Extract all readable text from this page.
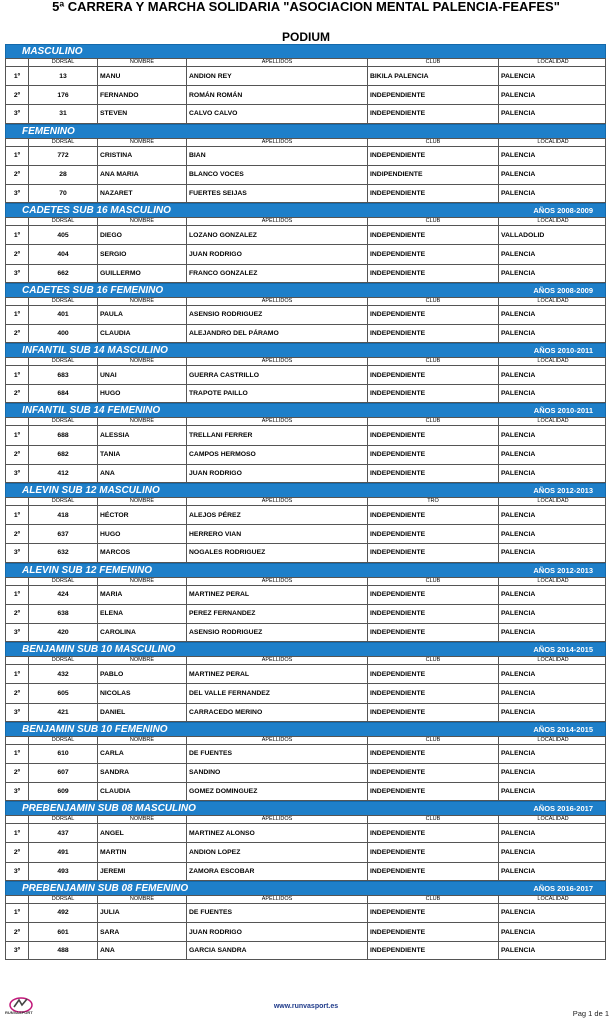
5ª CARRERA Y MARCHA SOLIDARIA "ASOCIACION MENTAL PALENCIA-FEAFES"
PODIUM
MASCULINO
DORSAL	NOMBRE	APELLIDOS	CLUB	LOCALIDAD
1º	13	MANU	ANDION REY	BIKILA PALENCIA	PALENCIA
2º	176	FERNANDO	ROMÁN ROMÁN	INDEPENDIENTE	PALENCIA
3º	31	STEVEN	CALVO CALVO	INDEPENDIENTE	PALENCIA
FEMENINO
DORSAL	NOMBRE	APELLIDOS	CLUB	LOCALIDAD
1º	772	CRISTINA	BIAN	INDEPENDIENTE	PALENCIA
2º	28	ANA MARIA	BLANCO VOCES	INDIPENDIENTE	PALENCIA
3º	70	NAZARET	FUERTES SEIJAS	INDEPENDIENTE	PALENCIA
CADETES SUB 16 MASCULINO	AÑOS 2008-2009
DORSAL	NOMBRE	APELLIDOS	CLUB	LOCALIDAD
1º	405	DIEGO	LOZANO GONZALEZ	INDEPENDIENTE	VALLADOLID
2º	404	SERGIO	JUAN RODRIGO	INDEPENDIENTE	PALENCIA
3º	662	GUILLERMO	FRANCO GONZALEZ	INDEPENDIENTE	PALENCIA
CADETES SUB 16 FEMENINO	AÑOS 2008-2009
DORSAL	NOMBRE	APELLIDOS	CLUB	LOCALIDAD
1º	401	PAULA	ASENSIO RODRIGUEZ	INDEPENDIENTE	PALENCIA
2º	400	CLAUDIA	ALEJANDRO DEL PÁRAMO	INDEPENDIENTE	PALENCIA
INFANTIL SUB 14 MASCULINO	AÑOS 2010-2011
DORSAL	NOMBRE	APELLIDOS	CLUB	LOCALIDAD
1º	683	UNAI	GUERRA CASTRILLO	INDEPENDIENTE	PALENCIA
2º	684	HUGO	TRAPOTE PAILLO	INDEPENDIENTE	PALENCIA
INFANTIL SUB 14 FEMENINO	AÑOS 2010-2011
DORSAL	NOMBRE	APELLIDOS	CLUB	LOCALIDAD
1º	688	ALESSIA	TRELLANI FERRER	INDEPENDIENTE	PALENCIA
2º	682	TANIA	CAMPOS HERMOSO	INDEPENDIENTE	PALENCIA
3º	412	ANA	JUAN RODRIGO	INDEPENDIENTE	PALENCIA
ALEVIN SUB 12 MASCULINO	AÑOS 2012-2013
DORSAL	NOMBRE	APELLIDOS	TRO	LOCALIDAD
1º	418	HÉCTOR	ALEJOS PÉREZ	INDEPENDIENTE	PALENCIA
2º	637	HUGO	HERRERO VIAN	INDEPENDIENTE	PALENCIA
3º	632	MARCOS	NOGALES RODRIGUEZ	INDEPENDIENTE	PALENCIA
ALEVIN SUB 12 FEMENINO	AÑOS 2012-2013
DORSAL	NOMBRE	APELLIDOS	CLUB	LOCALIDAD
1º	424	MARIA	MARTINEZ PERAL	INDEPENDIENTE	PALENCIA
2º	638	ELENA	PEREZ FERNANDEZ	INDEPENDIENTE	PALENCIA
3º	420	CAROLINA	ASENSIO RODRIGUEZ	INDEPENDIENTE	PALENCIA
BENJAMIN SUB 10 MASCULINO	AÑOS 2014-2015
DORSAL	NOMBRE	APELLIDOS	CLUB	LOCALIDAD
1º	432	PABLO	MARTINEZ PERAL	INDEPENDIENTE	PALENCIA
2º	605	NICOLAS	DEL VALLE FERNANDEZ	INDEPENDIENTE	PALENCIA
3º	421	DANIEL	CARRACEDO MERINO	INDEPENDIENTE	PALENCIA
BENJAMIN SUB 10 FEMENINO	AÑOS 2014-2015
DORSAL	NOMBRE	APELLIDOS	CLUB	LOCALIDAD
1º	610	CARLA	DE FUENTES	INDEPENDIENTE	PALENCIA
2º	607	SANDRA	SANDINO	INDEPENDIENTE	PALENCIA
3º	609	CLAUDIA	GOMEZ DOMINGUEZ	INDEPENDIENTE	PALENCIA
PREBENJAMIN SUB 08 MASCULINO	AÑOS 2016-2017
DORSAL	NOMBRE	APELLIDOS	CLUB	LOCALIDAD
1º	437	ANGEL	MARTINEZ ALONSO	INDEPENDIENTE	PALENCIA
2º	491	MARTIN	ANDION LOPEZ	INDEPENDIENTE	PALENCIA
3º	493	JEREMI	ZAMORA ESCOBAR	INDEPENDIENTE	PALENCIA
PREBENJAMIN SUB 08 FEMENINO	AÑOS 2016-2017
DORSAL	NOMBRE	APELLIDOS	CLUB	LOCALIDAD
1º	492	JULIA	DE FUENTES	INDEPENDIENTE	PALENCIA
2º	601	SARA	JUAN RODRIGO	INDEPENDIENTE	PALENCIA
3º	488	ANA	GARCIA SANDRA	INDEPENDIENTE	PALENCIA
RUNVASPORT
www.runvasport.es
Pag 1 de 1
